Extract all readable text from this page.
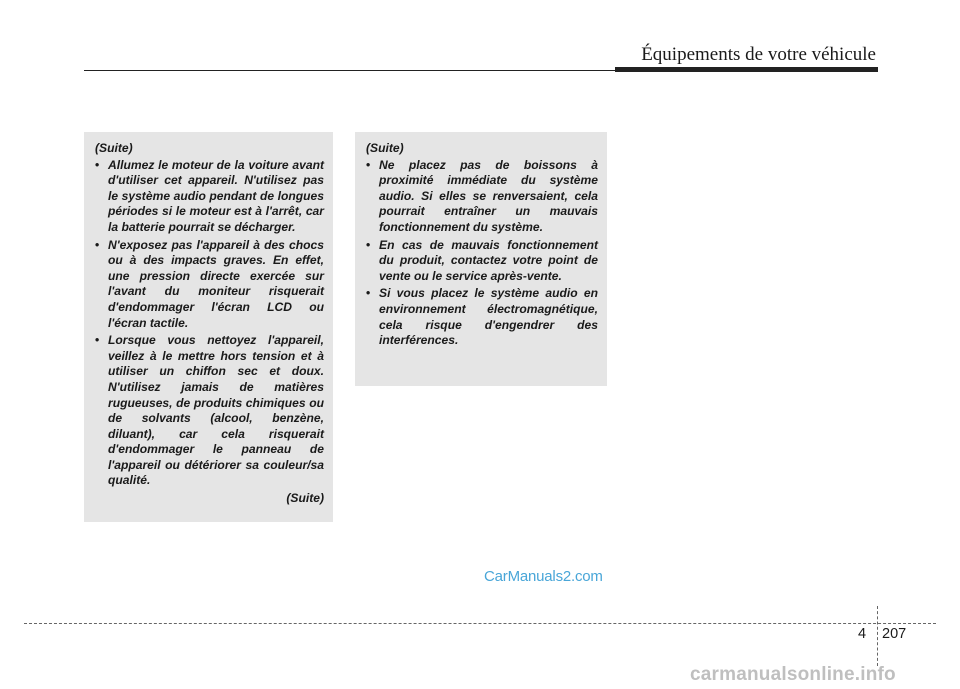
Équipements de votre véhicule
(Suite)
• Allumez le moteur de la voiture avant d'utiliser cet appareil. N'utilisez pas le système audio pendant de longues périodes si le moteur est à l'arrêt, car la batterie pourrait se décharger.
• N'exposez pas l'appareil à des chocs ou à des impacts graves. En effet, une pression directe exercée sur l'avant du moniteur risquerait d'endommager l'écran LCD ou l'écran tactile.
• Lorsque vous nettoyez l'appareil, veillez à le mettre hors tension et à utiliser un chiffon sec et doux. N'utilisez jamais de matières rugueuses, de produits chimiques ou de solvants (alcool, benzène, diluant), car cela risquerait d'endommager le panneau de l'appareil ou détériorer sa couleur/sa qualité.
(Suite)
(Suite)
• Ne placez pas de boissons à proximité immédiate du système audio. Si elles se renversaient, cela pourrait entraîner un mauvais fonctionnement du système.
• En cas de mauvais fonctionnement du produit, contactez votre point de vente ou le service après-vente.
• Si vous placez le système audio en environnement électromagnétique, cela risque d'engendrer des interférences.
CarManuals2.com
4 207
carmanualsonline.info
